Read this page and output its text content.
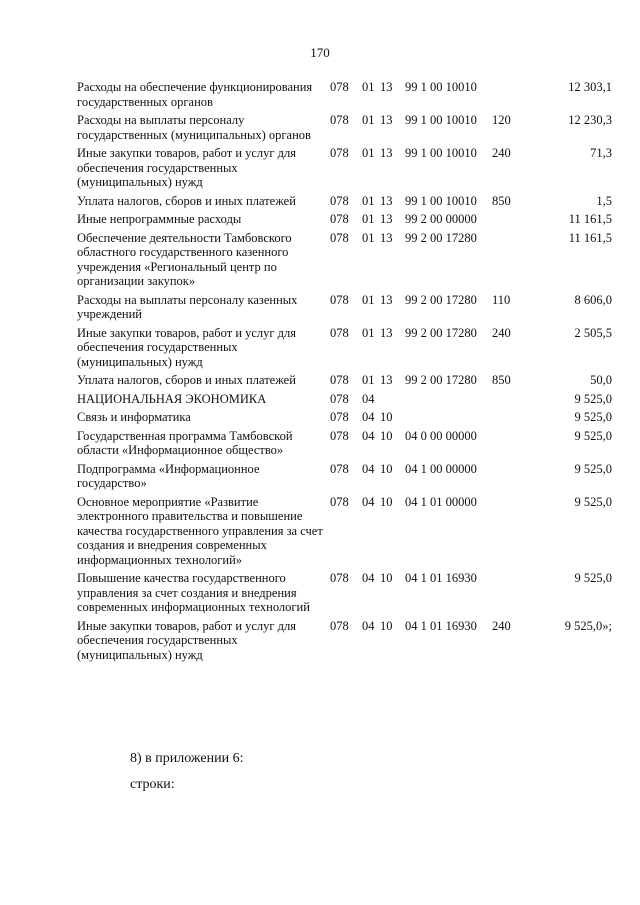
170
Расходы на обеспечение функционирования государственных органов	078	01	13	99 1 00 10010		12 303,1
Расходы на выплаты персоналу государственных (муниципальных) органов	078	01	13	99 1 00 10010	120	12 230,3
Иные закупки товаров, работ и услуг для обеспечения государственных (муниципальных) нужд	078	01	13	99 1 00 10010	240	71,3
Уплата налогов, сборов и иных платежей	078	01	13	99 1 00 10010	850	1,5
Иные непрограммные расходы	078	01	13	99 2 00 00000		11 161,5
Обеспечение деятельности Тамбовского областного государственного казенного учреждения «Региональный центр по организации закупок»	078	01	13	99 2 00 17280		11 161,5
Расходы на выплаты персоналу казенных учреждений	078	01	13	99 2 00 17280	110	8 606,0
Иные закупки товаров, работ и услуг для обеспечения государственных (муниципальных) нужд	078	01	13	99 2 00 17280	240	2 505,5
Уплата налогов, сборов и иных платежей	078	01	13	99 2 00 17280	850	50,0
НАЦИОНАЛЬНАЯ ЭКОНОМИКА	078	04				9 525,0
Связь и информатика	078	04	10			9 525,0
Государственная программа Тамбовской области «Информационное общество»	078	04	10	04 0 00 00000		9 525,0
Подпрограмма «Информационное государство»	078	04	10	04 1 00 00000		9 525,0
Основное мероприятие «Развитие электронного правительства и повышение качества государственного управления за счет создания и внедрения современных информационных технологий»	078	04	10	04 1 01 00000		9 525,0
Повышение качества государственного управления за счет создания и внедрения современных информационных технологий	078	04	10	04 1 01 16930		9 525,0
Иные закупки товаров, работ и услуг для обеспечения государственных (муниципальных) нужд	078	04	10	04 1 01 16930	240	9 525,0»;
8) в приложении 6:
строки:
